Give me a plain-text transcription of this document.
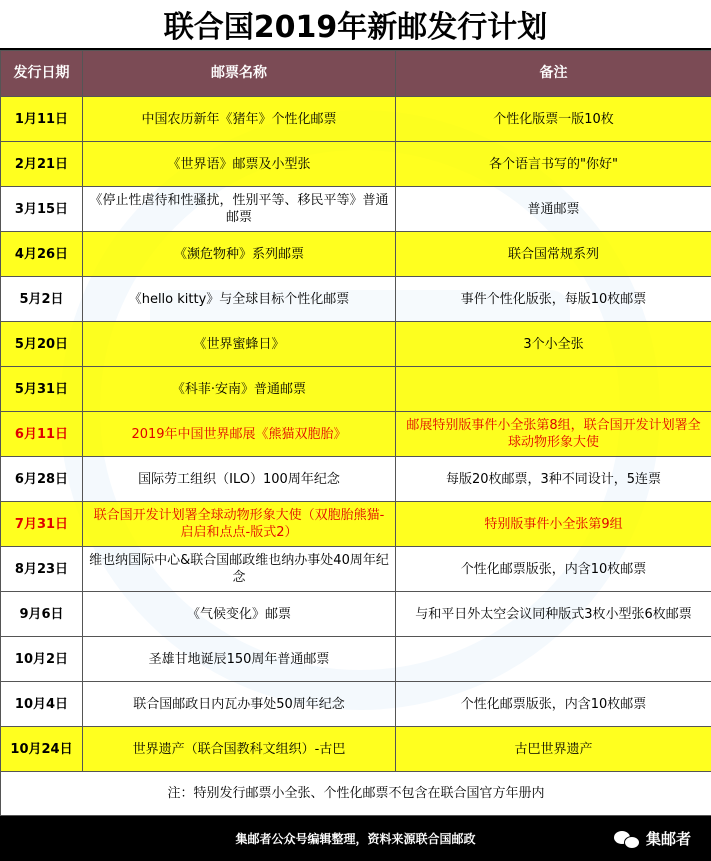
联合国2019年新邮发行计划
发行日期	邮票名称	备注
1月11日	中国农历新年《猪年》个性化邮票	个性化版票一版10枚
2月21日	《世界语》邮票及小型张	各个语言书写的"你好"
3月15日	《停止性虐待和性骚扰，性别平等、移民平等》普通邮票	普通邮票
4月26日	《濒危物种》系列邮票	联合国常规系列
5月2日	《hello kitty》与全球目标个性化邮票	事件个性化版张，每版10枚邮票
5月20日	《世界蜜蜂日》	3个小全张
5月31日	《科菲·安南》普通邮票	
6月11日	2019年中国世界邮展《熊猫双胞胎》	邮展特别版事件小全张第8组，联合国开发计划署全球动物形象大使
6月28日	国际劳工组织（ILO）100周年纪念	每版20枚邮票，3种不同设计，5连票
7月31日	联合国开发计划署全球动物形象大使（双胞胎熊猫-启启和点点-版式2）	特别版事件小全张第9组
8月23日	维也纳国际中心&联合国邮政维也纳办事处40周年纪念	个性化邮票版张，内含10枚邮票
9月6日	《气候变化》邮票	与和平日外太空会议同种版式3枚小型张6枚邮票
10月2日	圣雄甘地诞辰150周年普通邮票	
10月4日	联合国邮政日内瓦办事处50周年纪念	个性化邮票版张，内含10枚邮票
10月24日	世界遗产（联合国教科文组织）-古巴	古巴世界遗产
注：特别发行邮票小全张、个性化邮票不包含在联合国官方年册内		
集邮者公众号编辑整理，资料来源联合国邮政	集邮者
